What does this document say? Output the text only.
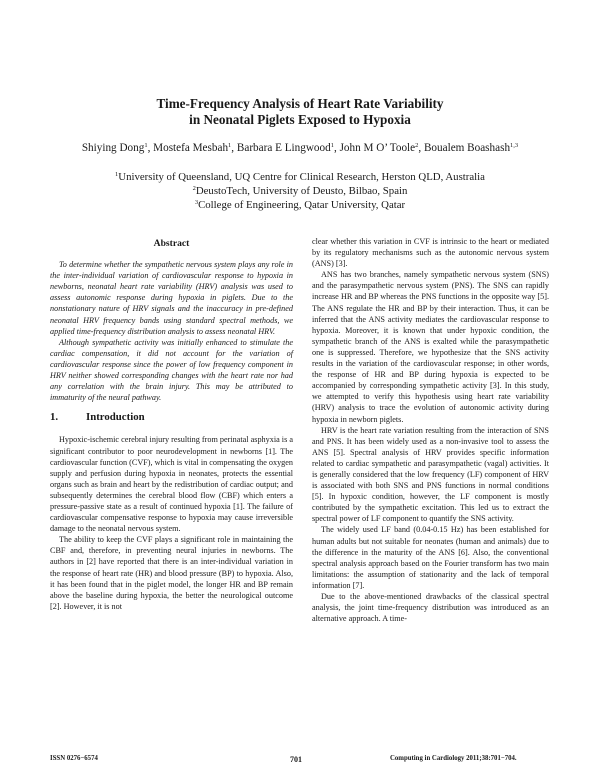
Time-Frequency Analysis of Heart Rate Variability
in Neonatal Piglets Exposed to Hypoxia
Shiying Dong$^1$, Mostefa Mesbah$^1$, Barbara E Lingwood$^1$, John M O’ Toole$^2$, Boualem Boashash$^{1,3}$
$^1$University of Queensland, UQ Centre for Clinical Research, Herston QLD, Australia
$^2$DeustoTech, University of Deusto, Bilbao, Spain
$^3$College of Engineering, Qatar University, Qatar
Abstract

To determine whether the sympathetic nervous system plays any role in the inter-individual variation of cardiovascular response to hypoxia in newborns, neonatal heart rate variability (HRV) analysis was used to assess autonomic response during hypoxia in piglets. Due to the nonstationary nature of HRV signals and the inaccuracy in pre-defined neonatal HRV frequency bands using standard spectral methods, we applied time-frequency distribution analysis to assess neonatal HRV.

Although sympathetic activity was initially enhanced to stimulate the cardiac compensation, it did not account for the variation of cardiovascular response since the power of low frequency component in HRV neither showed corresponding changes with the heart rate nor had any correlation with the brain injury. This may be attributed to immaturity of the neural pathway.

1.	Introduction

Hypoxic-ischemic cerebral injury resulting from perinatal asphyxia is a significant contributor to poor neurodevelopment in newborns [1]. The cardiovascular function (CVF), which is vital in compensating the oxygen supply and perfusion during hypoxia in neonates, protects the essential organs such as brain and heart by the redistribution of cardiac output; and subsequently determines the cerebral blood flow (CBF) which enters a pressure-passive state as a result of continued hypoxia [1]. The failure of cardiovascular compensative response to hypoxia may cause irreversible damage to the neonatal nervous system.

The ability to keep the CVF plays a significant role in maintaining the CBF and, therefore, in preventing neural injuries in newborns. The authors in [2] have reported that there is an inter-individual variation in the response of heart rate (HR) and blood pressure (BP) to hypoxia. Also, it has been found that in the piglet model, the longer HR and BP remain above the baseline during hypoxia, the better the neurological outcome [2]. However, it is not

clear whether this variation in CVF is intrinsic to the heart or mediated by its regulatory mechanisms such as the autonomic nervous system (ANS) [3].

ANS has two branches, namely sympathetic nervous system (SNS) and the parasympathetic nervous system (PNS). The SNS can rapidly increase HR and BP whereas the PNS functions in the opposite way [5]. The ANS regulate the HR and BP by their interaction. Thus, it can be inferred that the ANS activity mediates the cardiovascular response to hypoxia. Moreover, it is known that under hypoxic condition, the sympathetic branch of the ANS is exalted while the parasympathetic one is suppressed. Therefore, we hypothesize that the SNS activity results in the variation of the cardiovascular response; in other words, the response of HR and BP during hypoxia is expected to be accompanied by corresponding sympathetic activity [3]. In this study, we attempted to verify this hypothesis using heart rate variability (HRV) analysis to trace the evolution of autonomic activity during hypoxia in newborn piglets.

HRV is the heart rate variation resulting from the interaction of SNS and PNS. It has been widely used as a non-invasive tool to assess the ANS [5]. Spectral analysis of HRV provides specific information related to cardiac sympathetic and parasympathetic (vagal) activities. It is generally considered that the low frequency (LF) component of HRV is associated with both SNS and PNS functions in normal conditions [5]. In hypoxic condition, however, the LF component is mostly contributed by the sympathetic excitation. This led us to extract the spectral power of LF component to quantify the SNS activity.

The widely used LF band (0.04-0.15 Hz) has been established for human adults but not suitable for neonates (human and animals) due to the difference in the maturity of the ANS [6]. Also, the conventional spectral analysis approach based on the Fourier transform has two main limitations: the assumption of stationarity and the lack of temporal information [7].

Due to the above-mentioned drawbacks of the classical spectral analysis, the joint time-frequency distribution was introduced as an alternative approach. A time-

ISSN 0276−6574	701	Computing in Cardiology 2011;38:701−704.
